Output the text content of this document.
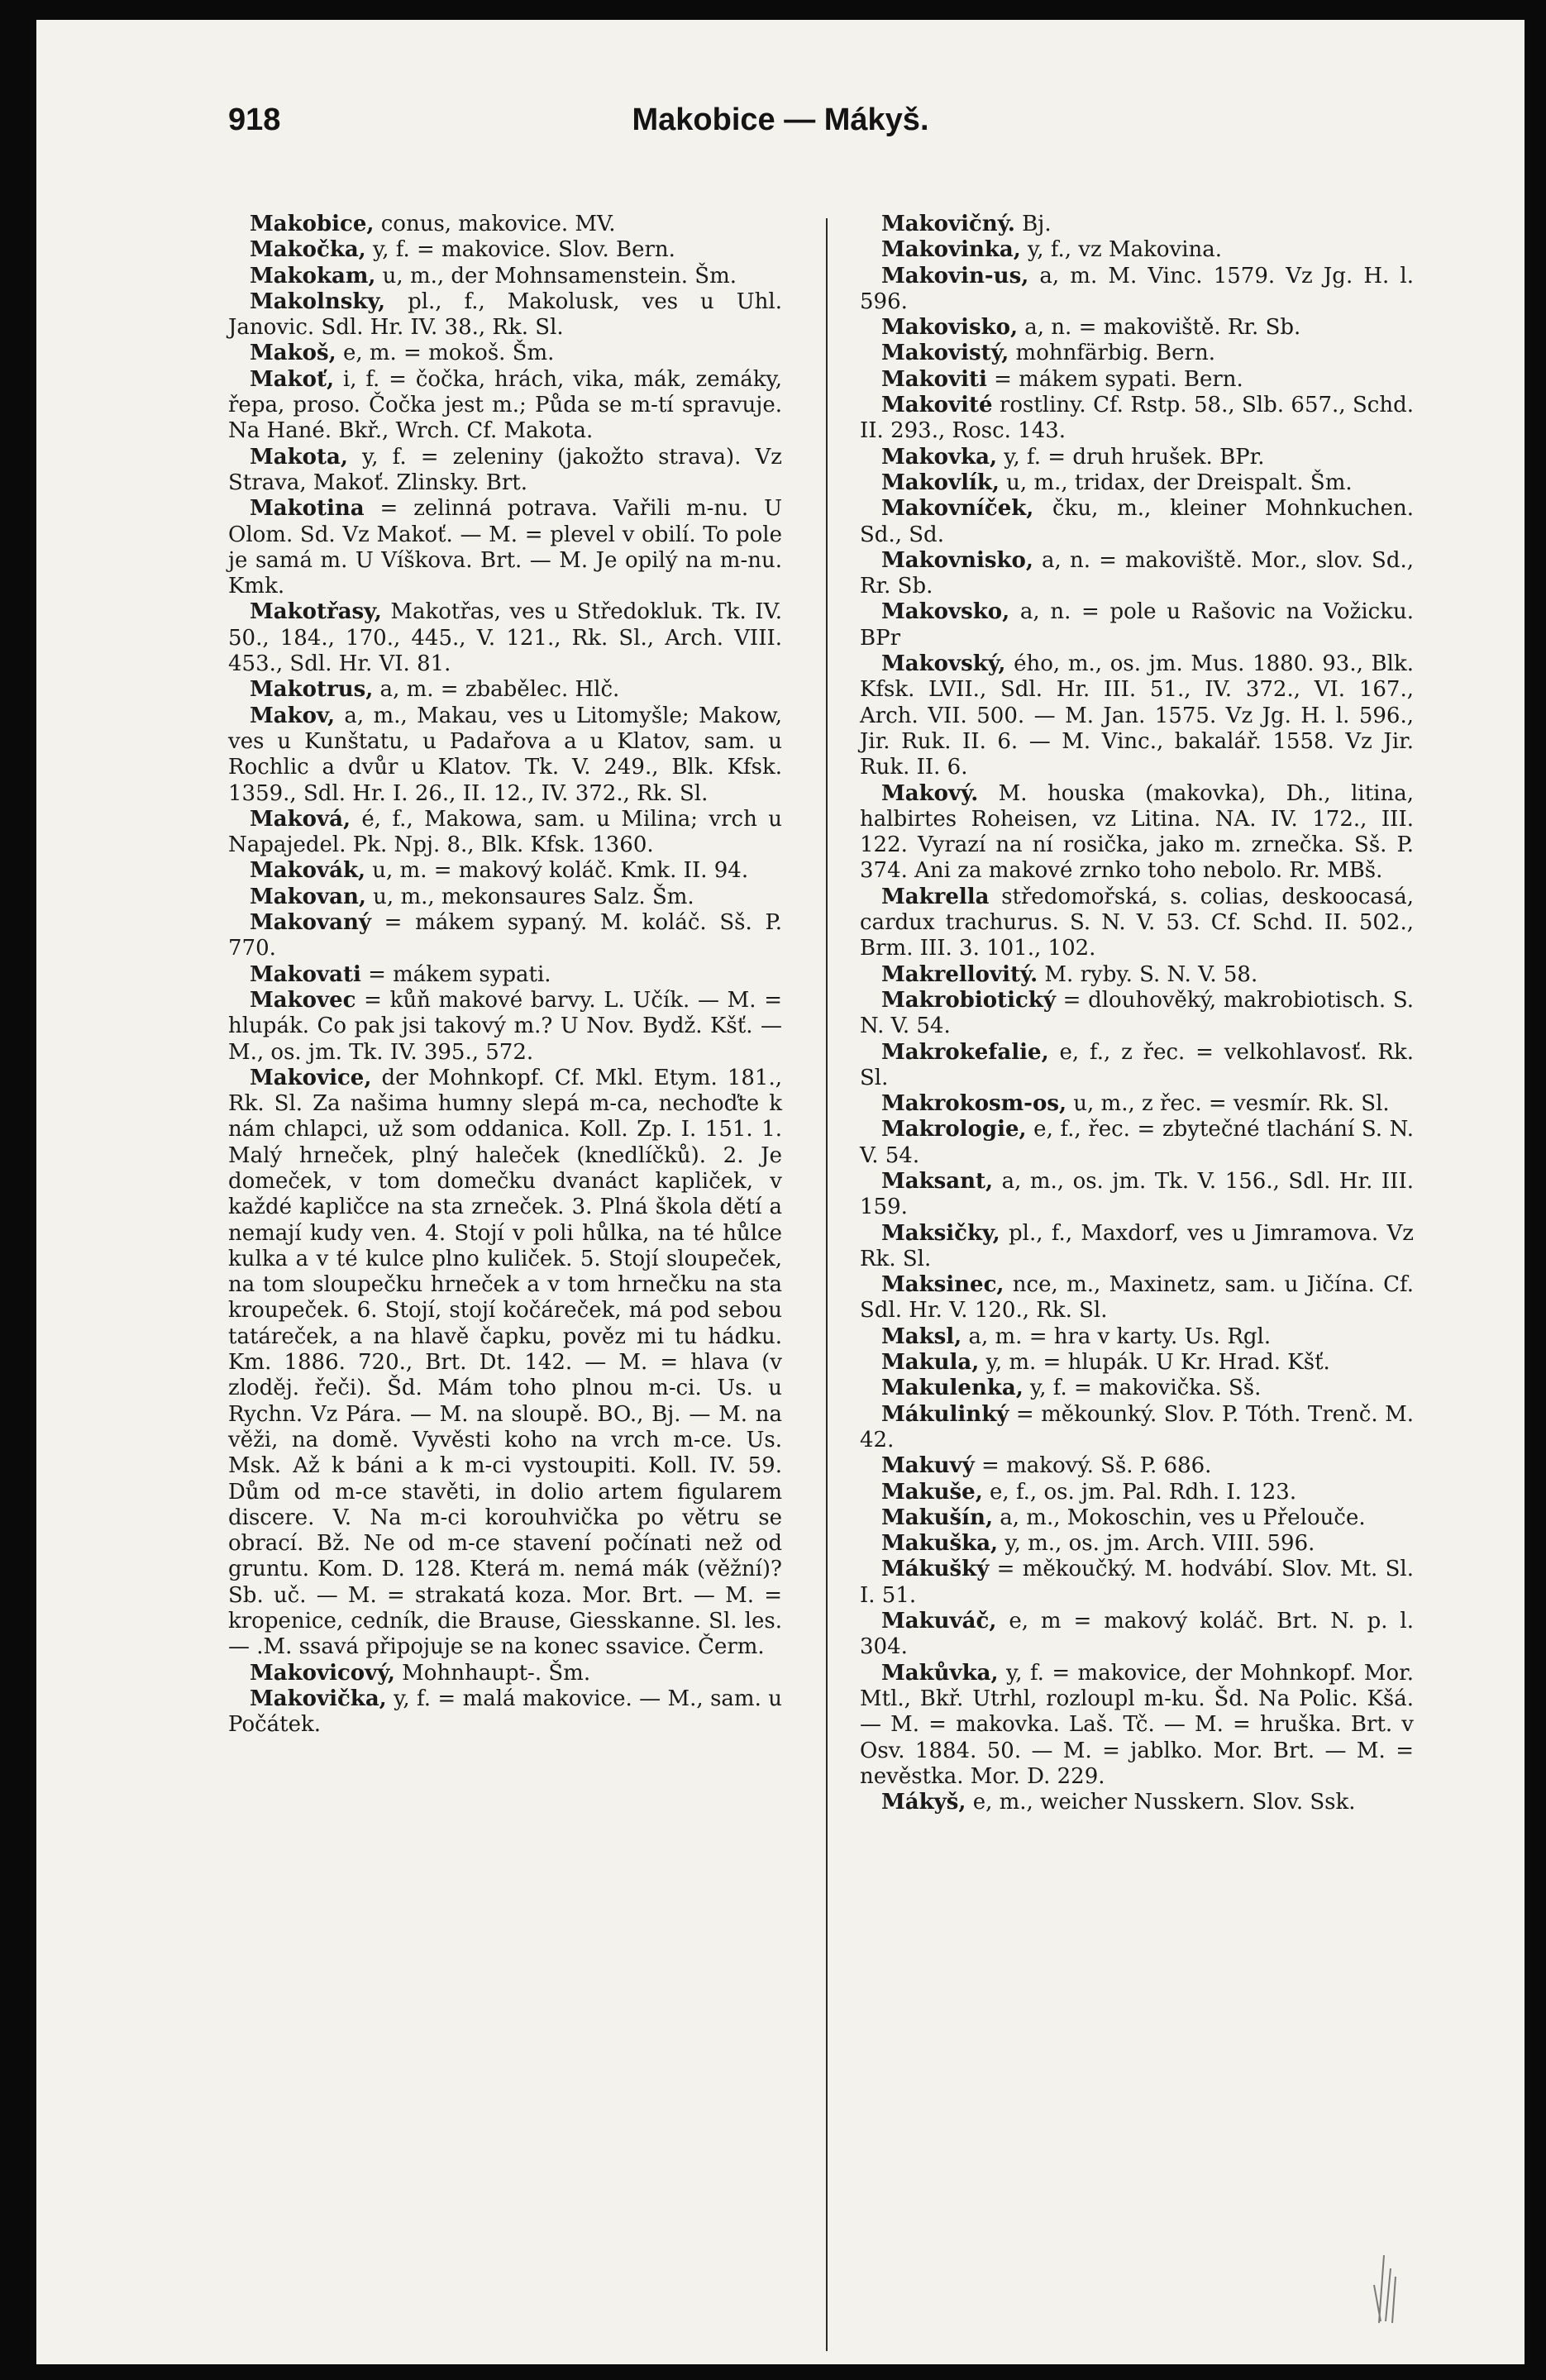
918	Makobice — Mákyš.

Makobice, conus, makovice. MV.

Makočka, y, f. = makovice. Slov. Bern.

Makokam, u, m., der Mohnsamenstein. Šm.

Makolnsky, pl., f., Makolusk, ves u Uhl. Janovic. Sdl. Hr. IV. 38., Rk. Sl.

Makoš, e, m. = mokoš. Šm.

Makoť, i, f. = čočka, hrách, vika, mák, zemáky, řepa, proso. Čočka jest m.; Půda se m-tí spravuje. Na Hané. Bkř., Wrch. Cf. Makota.

Makota, y, f. = zeleniny (jakožto strava). Vz Strava, Makoť. Zlinsky. Brt.

Makotina = zelinná potrava. Vařili m-nu. U Olom. Sd. Vz Makoť. — M. = plevel v obilí. To pole je samá m. U Víškova. Brt. — M. Je opilý na m-nu. Kmk.

Makotřasy, Makotřas, ves u Středokluk. Tk. IV. 50., 184., 170., 445., V. 121., Rk. Sl., Arch. VIII. 453., Sdl. Hr. VI. 81.

Makotrus, a, m. = zbabělec. Hlč.

Makov, a, m., Makau, ves u Litomyšle; Makow, ves u Kunštatu, u Padařova a u Klatov, sam. u Rochlic a dvůr u Klatov. Tk. V. 249., Blk. Kfsk. 1359., Sdl. Hr. I. 26., II. 12., IV. 372., Rk. Sl.

Maková, é, f., Makowa, sam. u Milina; vrch u Napajedel. Pk. Npj. 8., Blk. Kfsk. 1360.

Makovák, u, m. = makový koláč. Kmk. II. 94.

Makovan, u, m., mekonsaures Salz. Šm.

Makovaný = mákem sypaný. M. koláč. Sš. P. 770.

Makovati = mákem sypati.

Makovec = kůň makové barvy. L. Učík. — M. = hlupák. Co pak jsi takový m.? U Nov. Bydž. Kšť. — M., os. jm. Tk. IV. 395., 572.

Makovice, der Mohnkopf. Cf. Mkl. Etym. 181., Rk. Sl. Za našima humny slepá m-ca, nechoďte k nám chlapci, už som oddanica. Koll. Zp. I. 151. 1. Malý hrneček, plný haleček (knedlíčků). 2. Je domeček, v tom domečku dvanáct kapliček, v každé kapličce na sta zrneček. 3. Plná škola dětí a nemají kudy ven. 4. Stojí v poli hůlka, na té hůlce kulka a v té kulce plno kuliček. 5. Stojí sloupeček, na tom sloupečku hrneček a v tom hrnečku na sta kroupeček. 6. Stojí, stojí kočáreček, má pod sebou tatáreček, a na hlavě čapku, pověz mi tu hádku. Km. 1886. 720., Brt. Dt. 142. — M. = hlava (v zloděj. řeči). Šd. Mám toho plnou m-ci. Us. u Rychn. Vz Pára. — M. na sloupě. BO., Bj. — M. na věži, na domě. Vyvěsti koho na vrch m-ce. Us. Msk. Až k báni a k m-ci vystoupiti. Koll. IV. 59. Dům od m-ce stavěti, in dolio artem figularem discere. V. Na m-ci korouhvička po větru se obrací. Bž. Ne od m-ce stavení počínati než od gruntu. Kom. D. 128. Která m. nemá mák (věžní)? Sb. uč. — M. = strakatá koza. Mor. Brt. — M. = kropenice, cedník, die Brause, Giesskanne. Sl. les. — .M. ssavá připojuje se na konec ssavice. Čerm.

Makovicový, Mohnhaupt-. Šm.

Makovička, y, f. = malá makovice. — M., sam. u Počátek.

Makovičný. Bj.

Makovinka, y, f., vz Makovina.

Makovin-us, a, m. M. Vinc. 1579. Vz Jg. H. l. 596.

Makovisko, a, n. = makoviště. Rr. Sb.

Makovistý, mohnfärbig. Bern.

Makoviti = mákem sypati. Bern.

Makovité rostliny. Cf. Rstp. 58., Slb. 657., Schd. II. 293., Rosc. 143.

Makovka, y, f. = druh hrušek. BPr.

Makovlík, u, m., tridax, der Dreispalt. Šm.

Makovníček, čku, m., kleiner Mohnkuchen. Sd., Sd.

Makovnisko, a, n. = makoviště. Mor., slov. Sd., Rr. Sb.

Makovsko, a, n. = pole u Rašovic na Vožicku. BPr

Makovský, ého, m., os. jm. Mus. 1880. 93., Blk. Kfsk. LVII., Sdl. Hr. III. 51., IV. 372., VI. 167., Arch. VII. 500. — M. Jan. 1575. Vz Jg. H. l. 596., Jir. Ruk. II. 6. — M. Vinc., bakalář. 1558. Vz Jir. Ruk. II. 6.

Makový. M. houska (makovka), Dh., litina, halbirtes Roheisen, vz Litina. NA. IV. 172., III. 122. Vyrazí na ní rosička, jako m. zrnečka. Sš. P. 374. Ani za makové zrnko toho nebolo. Rr. MBš.

Makrella středomořská, s. colias, deskoocasá, cardux trachurus. S. N. V. 53. Cf. Schd. II. 502., Brm. III. 3. 101., 102.

Makrellovitý. M. ryby. S. N. V. 58.

Makrobiotický = dlouhověký, makrobiotisch. S. N. V. 54.

Makrokefalie, e, f., z řec. = velkohlavosť. Rk. Sl.

Makrokosm-os, u, m., z řec. = vesmír. Rk. Sl.

Makrologie, e, f., řec. = zbytečné tlachání S. N. V. 54.

Maksant, a, m., os. jm. Tk. V. 156., Sdl. Hr. III. 159.

Maksičky, pl., f., Maxdorf, ves u Jimramova. Vz Rk. Sl.

Maksinec, nce, m., Maxinetz, sam. u Jičína. Cf. Sdl. Hr. V. 120., Rk. Sl.

Maksl, a, m. = hra v karty. Us. Rgl.

Makula, y, m. = hlupák. U Kr. Hrad. Kšť.

Makulenka, y, f. = makovička. Sš.

Mákulinký = měkounký. Slov. P. Tóth. Trenč. M. 42.

Makuvý = makový. Sš. P. 686.

Makuše, e, f., os. jm. Pal. Rdh. I. 123.

Makušín, a, m., Mokoschin, ves u Přelouče.

Makuška, y, m., os. jm. Arch. VIII. 596.

Mákušký = měkoučký. M. hodvábí. Slov. Mt. Sl. I. 51.

Makuváč, e, m = makový koláč. Brt. N. p. l. 304.

Makůvka, y, f. = makovice, der Mohnkopf. Mor. Mtl., Bkř. Utrhl, rozloupl m-ku. Šd. Na Polic. Kšá. — M. = makovka. Laš. Tč. — M. = hruška. Brt. v Osv. 1884. 50. — M. = jablko. Mor. Brt. — M. = nevěstka. Mor. D. 229.

Mákyš, e, m., weicher Nusskern. Slov. Ssk.
